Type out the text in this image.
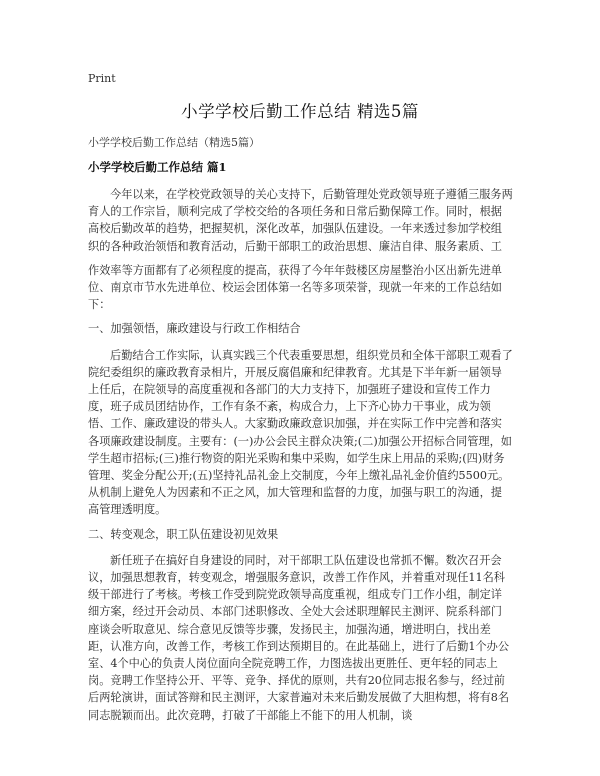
Print
小学学校后勤工作总结 精选5篇
小学学校后勤工作总结（精选5篇）
小学学校后勤工作总结 篇1

今年以来，在学校党政领导的关心支持下，后勤管理处党政领导班子遵循三服务两育人的工作宗旨，顺利完成了学校交给的各项任务和日常后勤保障工作。同时，根据高校后勤改革的趋势，把握契机，深化改革，加强队伍建设。一年来透过参加学校组织的各种政治领悟和教育活动，后勤干部职工的政治思想、廉洁自律、服务素质、工

作效率等方面都有了必须程度的提高，获得了今年年鼓楼区房屋整治小区出新先进单位、南京市节水先进单位、校运会团体第一名等多项荣誉，现就一年来的工作总结如下：

一、加强领悟，廉政建设与行政工作相结合

后勤结合工作实际，认真实践三个代表重要思想，组织党员和全体干部职工观看了院纪委组织的廉政教育录相片，开展反腐倡廉和纪律教育。尤其是下半年新一届领导上任后，在院领导的高度重视和各部门的大力支持下，加强班子建设和宣传工作力度，班子成员团结协作，工作有条不紊，构成合力，上下齐心协力干事业，成为领悟、工作、廉政建设的带头人。大家勤政廉政意识加强，并在实际工作中完善和落实各项廉政建设制度。主要有：(一)办公会民主群众决策;(二)加强公开招标合同管理，如学生超市招标;(三)推行物资的阳光采购和集中采购，如学生床上用品的采购;(四)财务管理、奖金分配公开;(五)坚持礼品礼金上交制度，今年上缴礼品礼金价值约5500元。从机制上避免人为因素和不正之风，加大管理和监督的力度，加强与职工的沟通，提高管理透明度。

二、转变观念，职工队伍建设初见效果

新任班子在搞好自身建设的同时，对干部职工队伍建设也常抓不懈。数次召开会议，加强思想教育，转变观念，增强服务意识，改善工作作风，并着重对现任11名科级干部进行了考核。考核工作受到院党政领导高度重视，组成专门工作小组，制定详细方案，经过开会动员、本部门述职修改、全处大会述职理解民主测评、院系科部门座谈会听取意见、综合意见反馈等步骤，发扬民主，加强沟通，增进明白，找出差距，认准方向，改善工作，考核工作到达预期目的。在此基础上，进行了后勤1个办公室、4个中心的负责人岗位面向全院竞聘工作，力图选拔出更胜任、更年轻的同志上岗。竞聘工作坚持公开、平等、竞争、择优的原则，共有20位同志报名参与，经过前后两轮演讲，面试答辩和民主测评，大家普遍对未来后勤发展做了大胆构想，将有8名同志脱颖而出。此次竞聘，打破了干部能上不能下的用人机制，谈
